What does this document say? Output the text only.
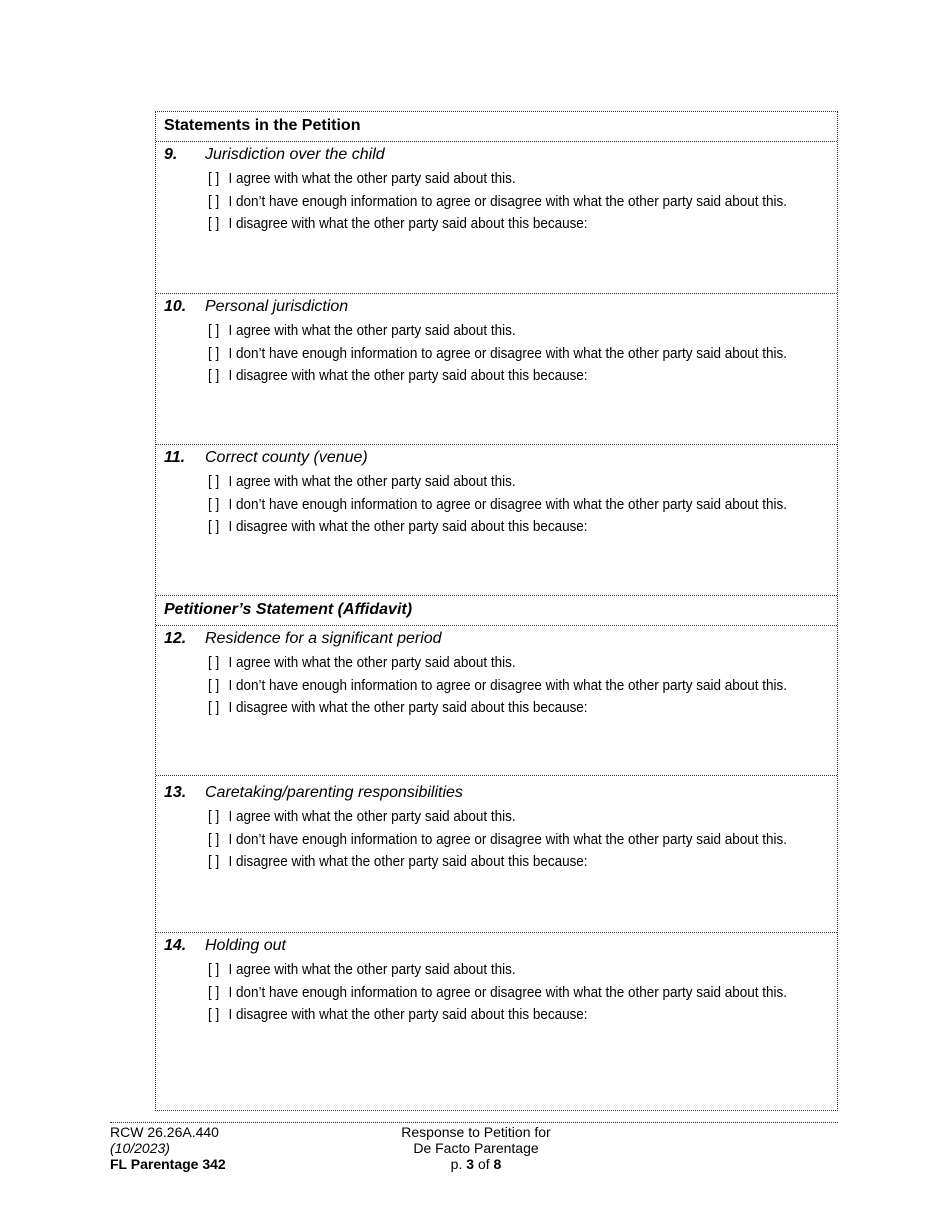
Statements in the Petition
9. Jurisdiction over the child
[ ] I agree with what the other party said about this.
[ ] I don’t have enough information to agree or disagree with what the other party said about this.
[ ] I disagree with what the other party said about this because:
10. Personal jurisdiction
[ ] I agree with what the other party said about this.
[ ] I don’t have enough information to agree or disagree with what the other party said about this.
[ ] I disagree with what the other party said about this because:
11. Correct county (venue)
[ ] I agree with what the other party said about this.
[ ] I don’t have enough information to agree or disagree with what the other party said about this.
[ ] I disagree with what the other party said about this because:
Petitioner’s Statement (Affidavit)
12. Residence for a significant period
[ ] I agree with what the other party said about this.
[ ] I don’t have enough information to agree or disagree with what the other party said about this.
[ ] I disagree with what the other party said about this because:
13. Caretaking/parenting responsibilities
[ ] I agree with what the other party said about this.
[ ] I don’t have enough information to agree or disagree with what the other party said about this.
[ ] I disagree with what the other party said about this because:
14. Holding out
[ ] I agree with what the other party said about this.
[ ] I don’t have enough information to agree or disagree with what the other party said about this.
[ ] I disagree with what the other party said about this because:
RCW 26.26A.440
(10/2023)
FL Parentage 342
Response to Petition for
De Facto Parentage
p. 3 of 8
